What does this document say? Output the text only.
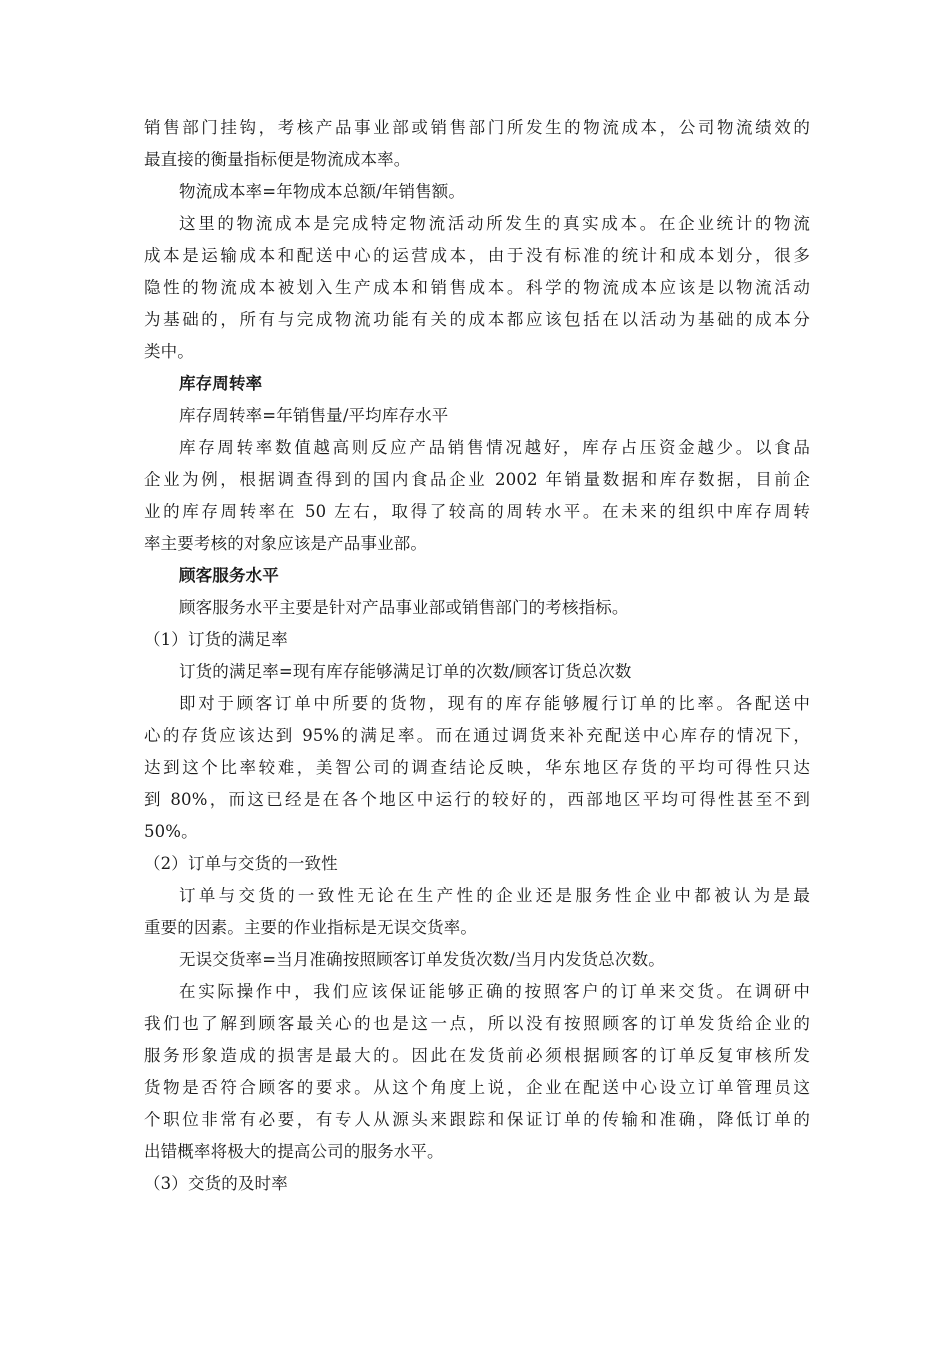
销售部门挂钩，考核产品事业部或销售部门所发生的物流成本，公司物流绩效的
最直接的衡量指标便是物流成本率。
物流成本率=年物成本总额/年销售额。
这里的物流成本是完成特定物流活动所发生的真实成本。在企业统计的物流
成本是运输成本和配送中心的运营成本，由于没有标准的统计和成本划分，很多
隐性的物流成本被划入生产成本和销售成本。科学的物流成本应该是以物流活动
为基础的，所有与完成物流功能有关的成本都应该包括在以活动为基础的成本分
类中。
库存周转率
库存周转率=年销售量/平均库存水平
库存周转率数值越高则反应产品销售情况越好，库存占压资金越少。以食品
企业为例，根据调查得到的国内食品企业 2002 年销量数据和库存数据，目前企
业的库存周转率在 50 左右，取得了较高的周转水平。在未来的组织中库存周转
率主要考核的对象应该是产品事业部。
顾客服务水平
顾客服务水平主要是针对产品事业部或销售部门的考核指标。
（1）订货的满足率
订货的满足率=现有库存能够满足订单的次数/顾客订货总次数
即对于顾客订单中所要的货物，现有的库存能够履行订单的比率。各配送中
心的存货应该达到 95%的满足率。而在通过调货来补充配送中心库存的情况下，
达到这个比率较难，美智公司的调查结论反映，华东地区存货的平均可得性只达
到 80%，而这已经是在各个地区中运行的较好的，西部地区平均可得性甚至不到
50%。
（2）订单与交货的一致性
订单与交货的一致性无论在生产性的企业还是服务性企业中都被认为是最
重要的因素。主要的作业指标是无误交货率。
无误交货率=当月准确按照顾客订单发货次数/当月内发货总次数。
在实际操作中，我们应该保证能够正确的按照客户的订单来交货。在调研中
我们也了解到顾客最关心的也是这一点，所以没有按照顾客的订单发货给企业的
服务形象造成的损害是最大的。因此在发货前必须根据顾客的订单反复审核所发
货物是否符合顾客的要求。从这个角度上说，企业在配送中心设立订单管理员这
个职位非常有必要，有专人从源头来跟踪和保证订单的传输和准确，降低订单的
出错概率将极大的提高公司的服务水平。
（3）交货的及时率
